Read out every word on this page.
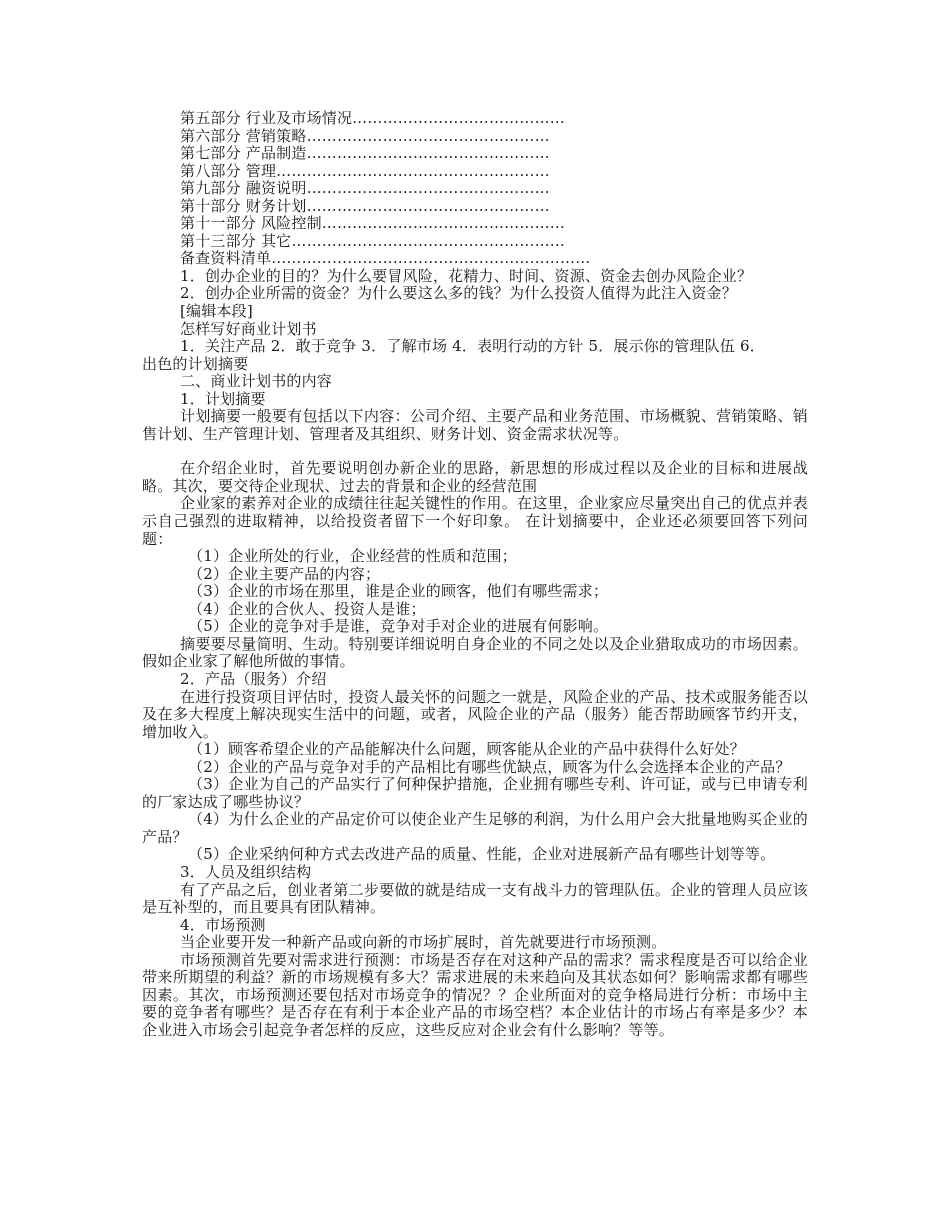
第五部分 行业及市场情况……………………………………

第六部分 营销策略…………………………………………

第七部分 产品制造…………………………………………

第八部分 管理………………………………………………

第九部分 融资说明…………………………………………

第十部分 财务计划…………………………………………

第十一部分 风险控制…………………………………………

第十三部分 其它………………………………………………

备查资料清单………………………………………………………

1．创办企业的目的？为什么要冒风险，花精力、时间、资源、资金去创办风险企业？

2．创办企业所需的资金？为什么要这么多的钱？为什么投资人值得为此注入资金？

[编辑本段]

怎样写好商业计划书

1．关注产品 2．敢于竞争 3．了解市场 4．表明行动的方针 5．展示你的管理队伍 6．

出色的计划摘要

二、商业计划书的内容

1．计划摘要

计划摘要一般要有包括以下内容：公司介绍、主要产品和业务范围、市场概貌、营销策略、销售计划、生产管理计划、管理者及其组织、财务计划、资金需求状况等。

在介绍企业时，首先要说明创办新企业的思路，新思想的形成过程以及企业的目标和进展战略。其次，要交待企业现状、过去的背景和企业的经营范围

企业家的素养对企业的成绩往往起关键性的作用。在这里，企业家应尽量突出自己的优点并表示自己强烈的进取精神，以给投资者留下一个好印象。 在计划摘要中，企业还必须要回答下列问题：

（1）企业所处的行业，企业经营的性质和范围；

（2）企业主要产品的内容；

（3）企业的市场在那里，谁是企业的顾客，他们有哪些需求；

（4）企业的合伙人、投资人是谁；

（5）企业的竞争对手是谁，竞争对手对企业的进展有何影响。

摘要要尽量简明、生动。特别要详细说明自身企业的不同之处以及企业猎取成功的市场因素。假如企业家了解他所做的事情。

2．产品（服务）介绍

在进行投资项目评估时，投资人最关怀的问题之一就是，风险企业的产品、技术或服务能否以及在多大程度上解决现实生活中的问题，或者，风险企业的产品（服务）能否帮助顾客节约开支，增加收入。

（1）顾客希望企业的产品能解决什么问题，顾客能从企业的产品中获得什么好处？

（2）企业的产品与竞争对手的产品相比有哪些优缺点，顾客为什么会选择本企业的产品？

（3）企业为自己的产品实行了何种保护措施，企业拥有哪些专利、许可证，或与已申请专利的厂家达成了哪些协议？

（4）为什么企业的产品定价可以使企业产生足够的利润，为什么用户会大批量地购买企业的产品？

（5）企业采纳何种方式去改进产品的质量、性能，企业对进展新产品有哪些计划等等。

3．人员及组织结构

有了产品之后，创业者第二步要做的就是结成一支有战斗力的管理队伍。企业的管理人员应该是互补型的，而且要具有团队精神。

4．市场预测

当企业要开发一种新产品或向新的市场扩展时，首先就要进行市场预测。

市场预测首先要对需求进行预测：市场是否存在对这种产品的需求？需求程度是否可以给企业带来所期望的利益？新的市场规模有多大？需求进展的未来趋向及其状态如何？影响需求都有哪些因素。其次，市场预测还要包括对市场竞争的情况？？企业所面对的竞争格局进行分析：市场中主要的竞争者有哪些？是否存在有利于本企业产品的市场空档？本企业估计的市场占有率是多少？本企业进入市场会引起竞争者怎样的反应，这些反应对企业会有什么影响？等等。
